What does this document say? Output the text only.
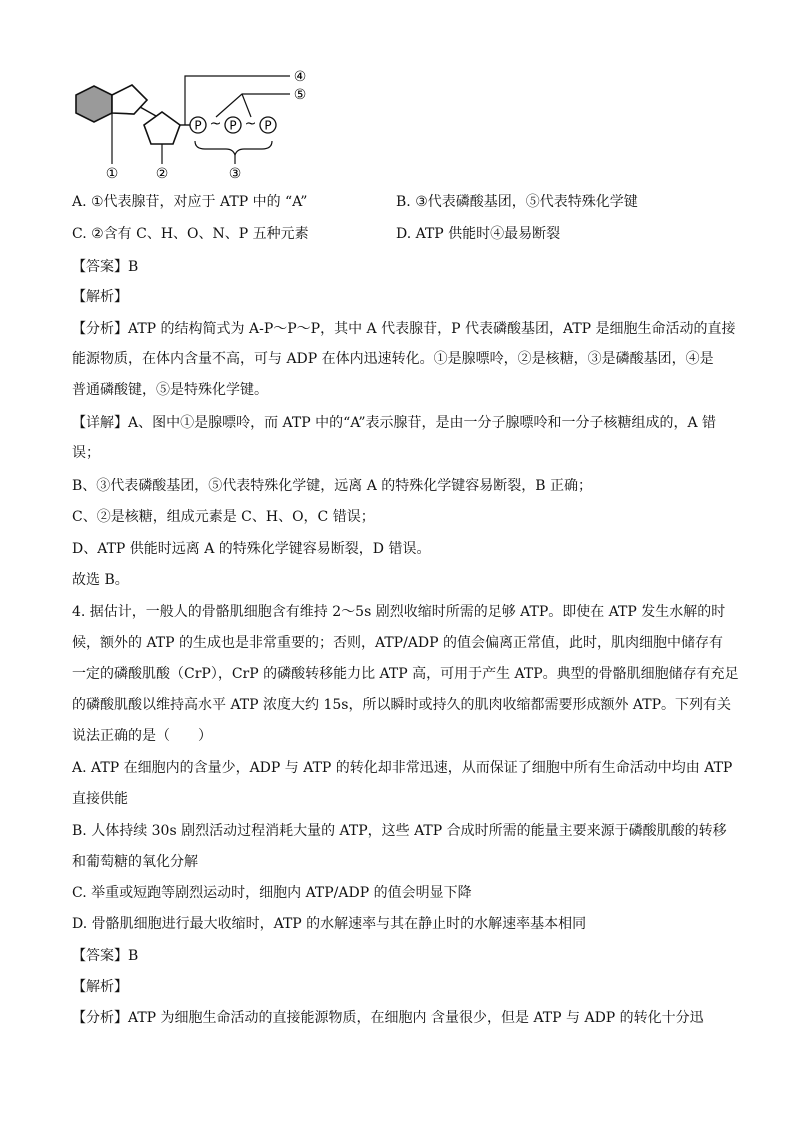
P P P
~ ~
①	②	③
④
⑤
A. ①代表腺苷，对应于 ATP 中的 “A”	B. ③代表磷酸基团，⑤代表特殊化学键
C. ②含有 C、H、O、N、P 五种元素	D. ATP 供能时④最易断裂
【答案】B
【解析】
【分析】ATP 的结构简式为 A-P～P～P，其中 A 代表腺苷，P 代表磷酸基团，ATP 是细胞生命活动的直接
能源物质，在体内含量不高，可与 ADP 在体内迅速转化。①是腺嘌呤，②是核糖，③是磷酸基团，④是
普通磷酸键，⑤是特殊化学键。
【详解】A、图中①是腺嘌呤，而 ATP 中的“A”表示腺苷，是由一分子腺嘌呤和一分子核糖组成的，A 错
误；
B、③代表磷酸基团，⑤代表特殊化学键，远离 A 的特殊化学键容易断裂，B 正确；
C、②是核糖，组成元素是 C、H、O，C 错误；
D、ATP 供能时远离 A 的特殊化学键容易断裂，D 错误。
故选 B。
4. 据估计，一般人的骨骼肌细胞含有维持 2～5s 剧烈收缩时所需的足够 ATP。即使在 ATP 发生水解的时
候，额外的 ATP 的生成也是非常重要的；否则，ATP/ADP 的值会偏离正常值，此时，肌肉细胞中储存有
一定的磷酸肌酸（CrP），CrP 的磷酸转移能力比 ATP 高，可用于产生 ATP。典型的骨骼肌细胞储存有充足
的磷酸肌酸以维持高水平 ATP 浓度大约 15s，所以瞬时或持久的肌肉收缩都需要形成额外 ATP。下列有关
说法正确的是（　　）
A. ATP 在细胞内的含量少，ADP 与 ATP 的转化却非常迅速，从而保证了细胞中所有生命活动中均由 ATP
直接供能
B. 人体持续 30s 剧烈活动过程消耗大量的 ATP，这些 ATP 合成时所需的能量主要来源于磷酸肌酸的转移
和葡萄糖的氧化分解
C. 举重或短跑等剧烈运动时，细胞内 ATP/ADP 的值会明显下降
D. 骨骼肌细胞进行最大收缩时，ATP 的水解速率与其在静止时的水解速率基本相同
【答案】B
【解析】
【分析】ATP 为细胞生命活动的直接能源物质，在细胞内 含量很少，但是 ATP 与 ADP 的转化十分迅
